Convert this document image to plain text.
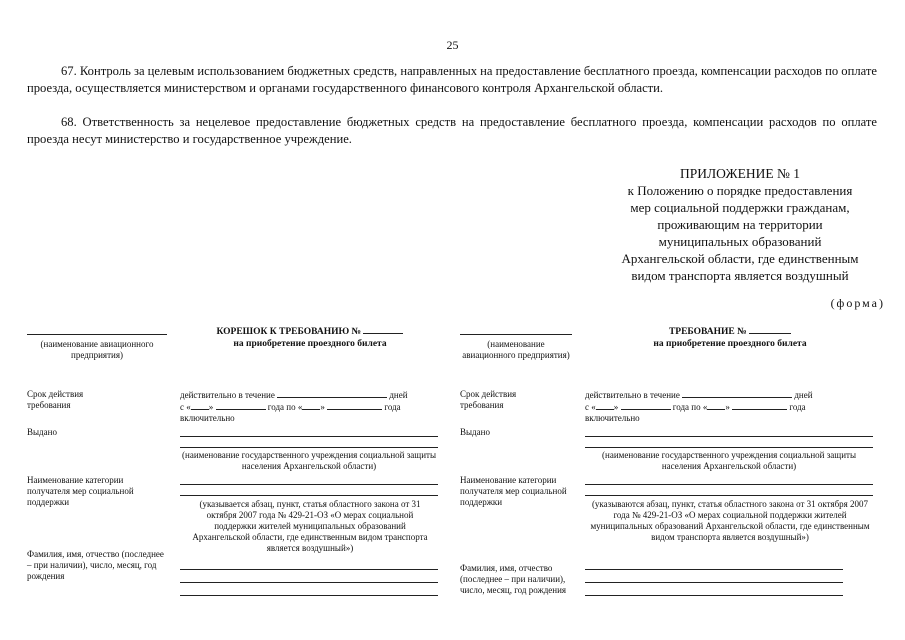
25
67. Контроль за целевым использованием бюджетных средств, направленных на предоставление бесплатного проезда, компенсации расходов по оплате проезда, осуществляется министерством и органами государственного финансового контроля Архангельской области.
68. Ответственность за нецелевое предоставление бюджетных средств на предоставление бесплатного проезда, компенсации расходов по оплате проезда несут министерство и государственное учреждение.
ПРИЛОЖЕНИЕ № 1
к Положению о порядке предоставления
мер социальной поддержки гражданам,
проживающим на территории
муниципальных образований
Архангельской области, где единственным
видом транспорта является воздушный
(форма)
(наименование авиационного предприятия)
КОРЕШОК К ТРЕБОВАНИЮ №
на приобретение проездного билета
Срок действия требования
действительно в течение	дней
с « »	года по « »	года
включительно
Выдано
(наименование государственного учреждения социальной защиты населения Архангельской области)
Наименование категории получателя мер социальной поддержки	(указывается абзац, пункт, статья областного закона от 31 октября 2007 года № 429-21-ОЗ «О мерах социальной поддержки жителей муниципальных образований Архангельской области, где единственным видом транспорта является воздушный»)
Фамилия, имя, отчество (последнее – при наличии), число, месяц, год рождения
(наименование авиационного предприятия)
ТРЕБОВАНИЕ №
на приобретение проездного билета
Срок действия требования
действительно в течение	дней
с « »	года по « »	года
включительно
Выдано
(наименование государственного учреждения социальной защиты населения Архангельской области)
Наименование категории получателя мер социальной поддержки	(указываются абзац, пункт, статья областного закона от 31 октября 2007 года № 429-21-ОЗ «О мерах социальной поддержки жителей муниципальных образований Архангельской области, где единственным видом транспорта является воздушный»)
Фамилия, имя, отчество (последнее – при наличии), число, месяц, год рождения
